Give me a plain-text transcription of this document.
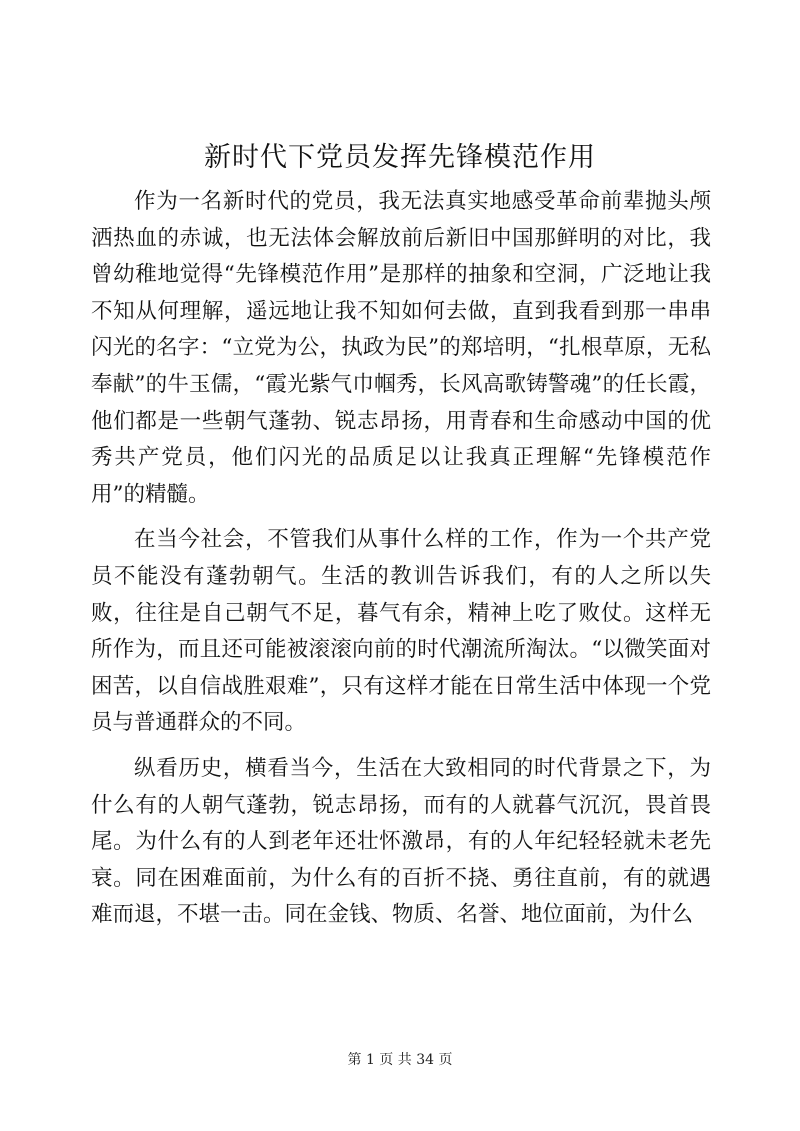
新时代下党员发挥先锋模范作用

作为一名新时代的党员，我无法真实地感受革命前辈抛头颅洒热血的赤诚，也无法体会解放前后新旧中国那鲜明的对比，我曾幼稚地觉得“先锋模范作用”是那样的抽象和空洞，广泛地让我不知从何理解，遥远地让我不知如何去做，直到我看到那一串串闪光的名字：“立党为公，执政为民”的郑培明，“扎根草原，无私奉献”的牛玉儒，“霞光紫气巾帼秀，长风高歌铸警魂”的任长霞，他们都是一些朝气蓬勃、锐志昂扬，用青春和生命感动中国的优秀共产党员，他们闪光的品质足以让我真正理解“先锋模范作用”的精髓。

在当今社会，不管我们从事什么样的工作，作为一个共产党员不能没有蓬勃朝气。生活的教训告诉我们，有的人之所以失败，往往是自己朝气不足，暮气有余，精神上吃了败仗。这样无所作为，而且还可能被滚滚向前的时代潮流所淘汰。“以微笑面对困苦，以自信战胜艰难”，只有这样才能在日常生活中体现一个党员与普通群众的不同。

纵看历史，横看当今，生活在大致相同的时代背景之下，为什么有的人朝气蓬勃，锐志昂扬，而有的人就暮气沉沉，畏首畏尾。为什么有的人到老年还壮怀激昂，有的人年纪轻轻就未老先衰。同在困难面前，为什么有的百折不挠、勇往直前，有的就遇难而退，不堪一击。同在金钱、物质、名誉、地位面前，为什么

第 1 页 共 34 页
